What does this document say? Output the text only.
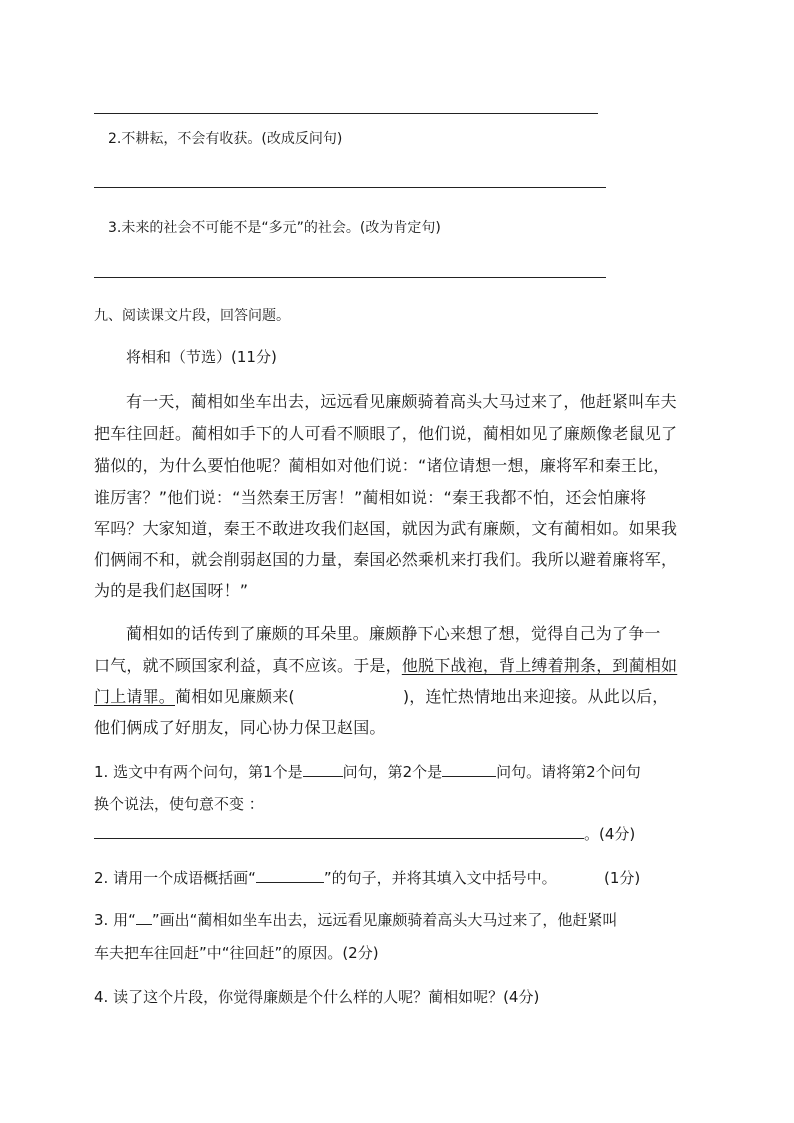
2.不耕耘，不会有收获。(改成反问句)
3.未来的社会不可能不是“多元”的社会。(改为肯定句)
九、阅读课文片段，回答问题。
将相和（节选）(11分)
有一天，蔺相如坐车出去，远远看见廉颇骑着高头大马过来了，他赶紧叫车夫
把车往回赶。蔺相如手下的人可看不顺眼了，他们说，蔺相如见了廉颇像老鼠见了
猫似的，为什么要怕他呢？蔺相如对他们说：“诸位请想一想，廉将军和秦王比，
谁厉害？”他们说：“当然秦王厉害！”蔺相如说：“秦王我都不怕，还会怕廉将
军吗？大家知道，秦王不敢进攻我们赵国，就因为武有廉颇，文有蔺相如。如果我
们俩闹不和，就会削弱赵国的力量，秦国必然乘机来打我们。我所以避着廉将军，
为的是我们赵国呀！”
蔺相如的话传到了廉颇的耳朵里。廉颇静下心来想了想，觉得自己为了争一
口气，就不顾国家利益，真不应该。于是，他脱下战袍，背上缚着荆条，到蔺相如
门上请罪。蔺相如见廉颇来(	)，连忙热情地出来迎接。从此以后，
他们俩成了好朋友，同心协力保卫赵国。
1. 选文中有两个问句，第1个是	问句，第2个是	问句。请将第2个问句
换个说法，使句意不变 ：
。(4分)
2. 请用一个成语概括画“	”的句子，并将其填入文中括号中。	(1分)
3. 用“ ”画出“蔺相如坐车出去，远远看见廉颇骑着高头大马过来了，他赶紧叫
车夫把车往回赶”中“往回赶”的原因。(2分)
4. 读了这个片段，你觉得廉颇是个什么样的人呢？蔺相如呢？(4分)
